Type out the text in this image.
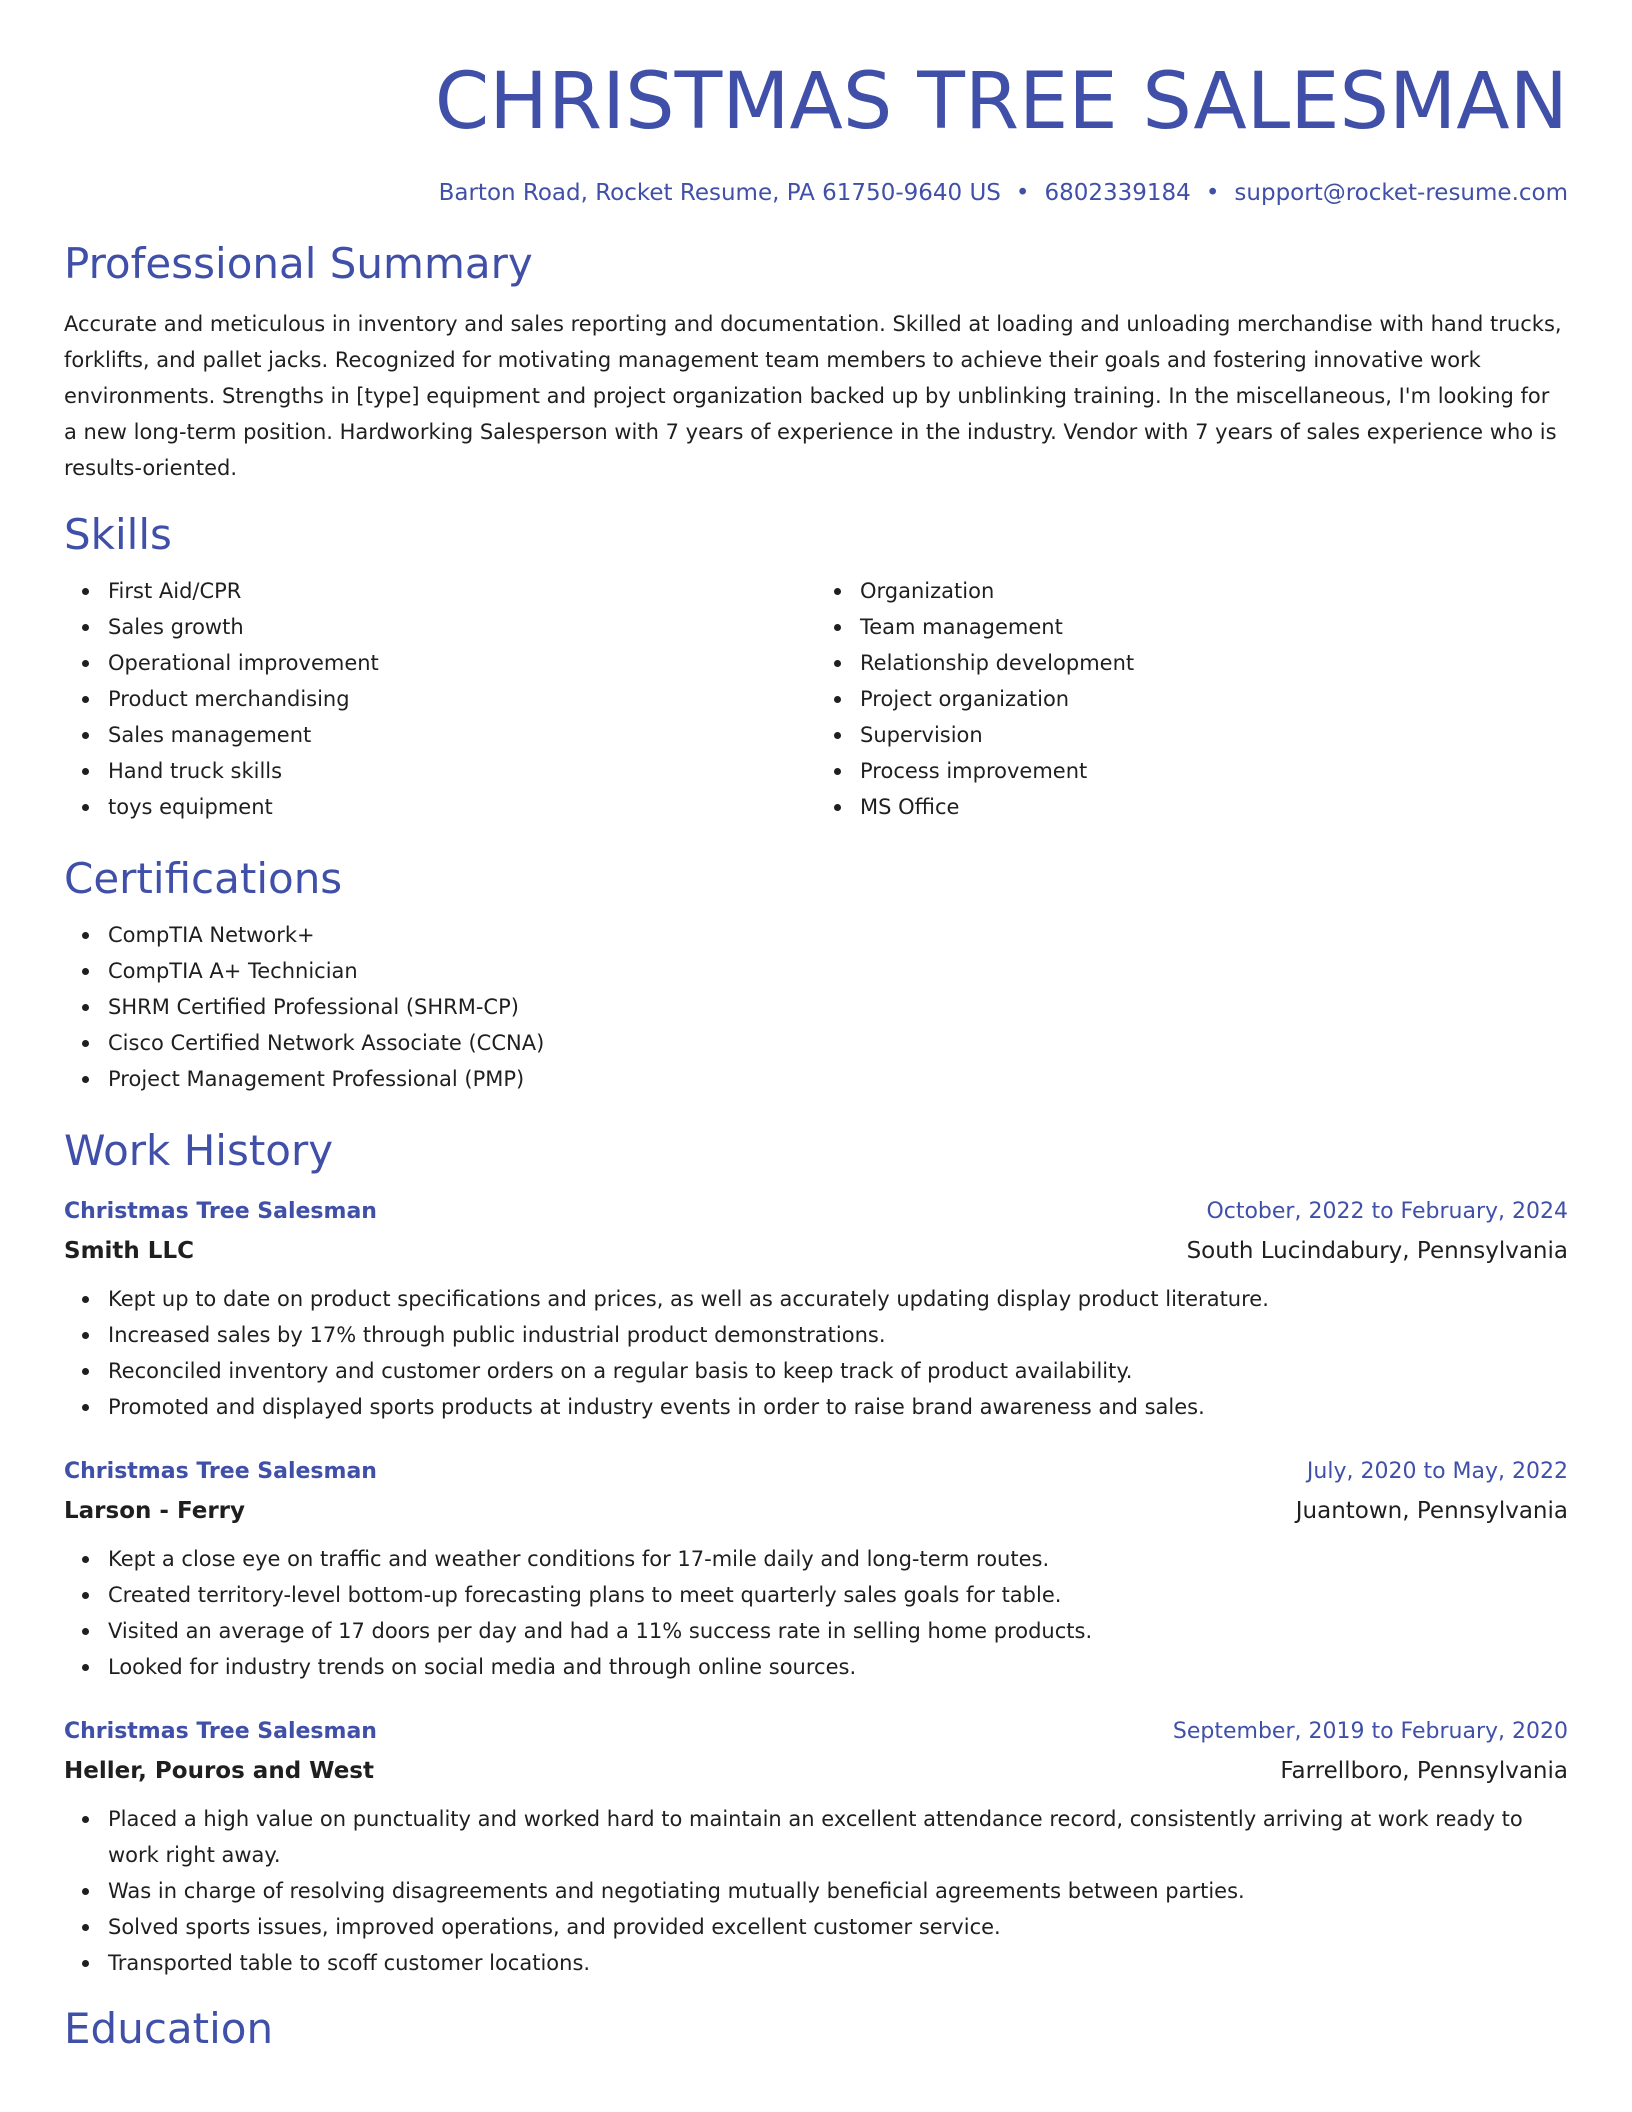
CHRISTMAS TREE SALESMAN
Barton Road, Rocket Resume, PA 61750-9640 US • 6802339184 • support@rocket-resume.com
Professional Summary

Accurate and meticulous in inventory and sales reporting and documentation. Skilled at loading and unloading merchandise with hand trucks, forklifts, and pallet jacks. Recognized for motivating management team members to achieve their goals and fostering innovative work environments. Strengths in [type] equipment and project organization backed up by unblinking training. In the miscellaneous, I'm looking for a new long-term position. Hardworking Salesperson with 7 years of experience in the industry. Vendor with 7 years of sales experience who is results-oriented.

Skills
First Aid/CPR
Sales growth
Operational improvement
Product merchandising
Sales management
Hand truck skills
toys equipment
Organization
Team management
Relationship development
Project organization
Supervision
Process improvement
MS Office
Certifications
CompTIA Network+
CompTIA A+ Technician
SHRM Certified Professional (SHRM-CP)
Cisco Certified Network Associate (CCNA)
Project Management Professional (PMP)
Work History
Christmas Tree Salesman	October, 2022 to February, 2024
Smith LLC	South Lucindabury, Pennsylvania
Kept up to date on product specifications and prices, as well as accurately updating display product literature.
Increased sales by 17% through public industrial product demonstrations.
Reconciled inventory and customer orders on a regular basis to keep track of product availability.
Promoted and displayed sports products at industry events in order to raise brand awareness and sales.
Christmas Tree Salesman	July, 2020 to May, 2022
Larson - Ferry	Juantown, Pennsylvania
Kept a close eye on traffic and weather conditions for 17-mile daily and long-term routes.
Created territory-level bottom-up forecasting plans to meet quarterly sales goals for table.
Visited an average of 17 doors per day and had a 11% success rate in selling home products.
Looked for industry trends on social media and through online sources.
Christmas Tree Salesman	September, 2019 to February, 2020
Heller, Pouros and West	Farrellboro, Pennsylvania
Placed a high value on punctuality and worked hard to maintain an excellent attendance record, consistently arriving at work ready to work right away.
Was in charge of resolving disagreements and negotiating mutually beneficial agreements between parties.
Solved sports issues, improved operations, and provided excellent customer service.
Transported table to scoff customer locations.
Education
